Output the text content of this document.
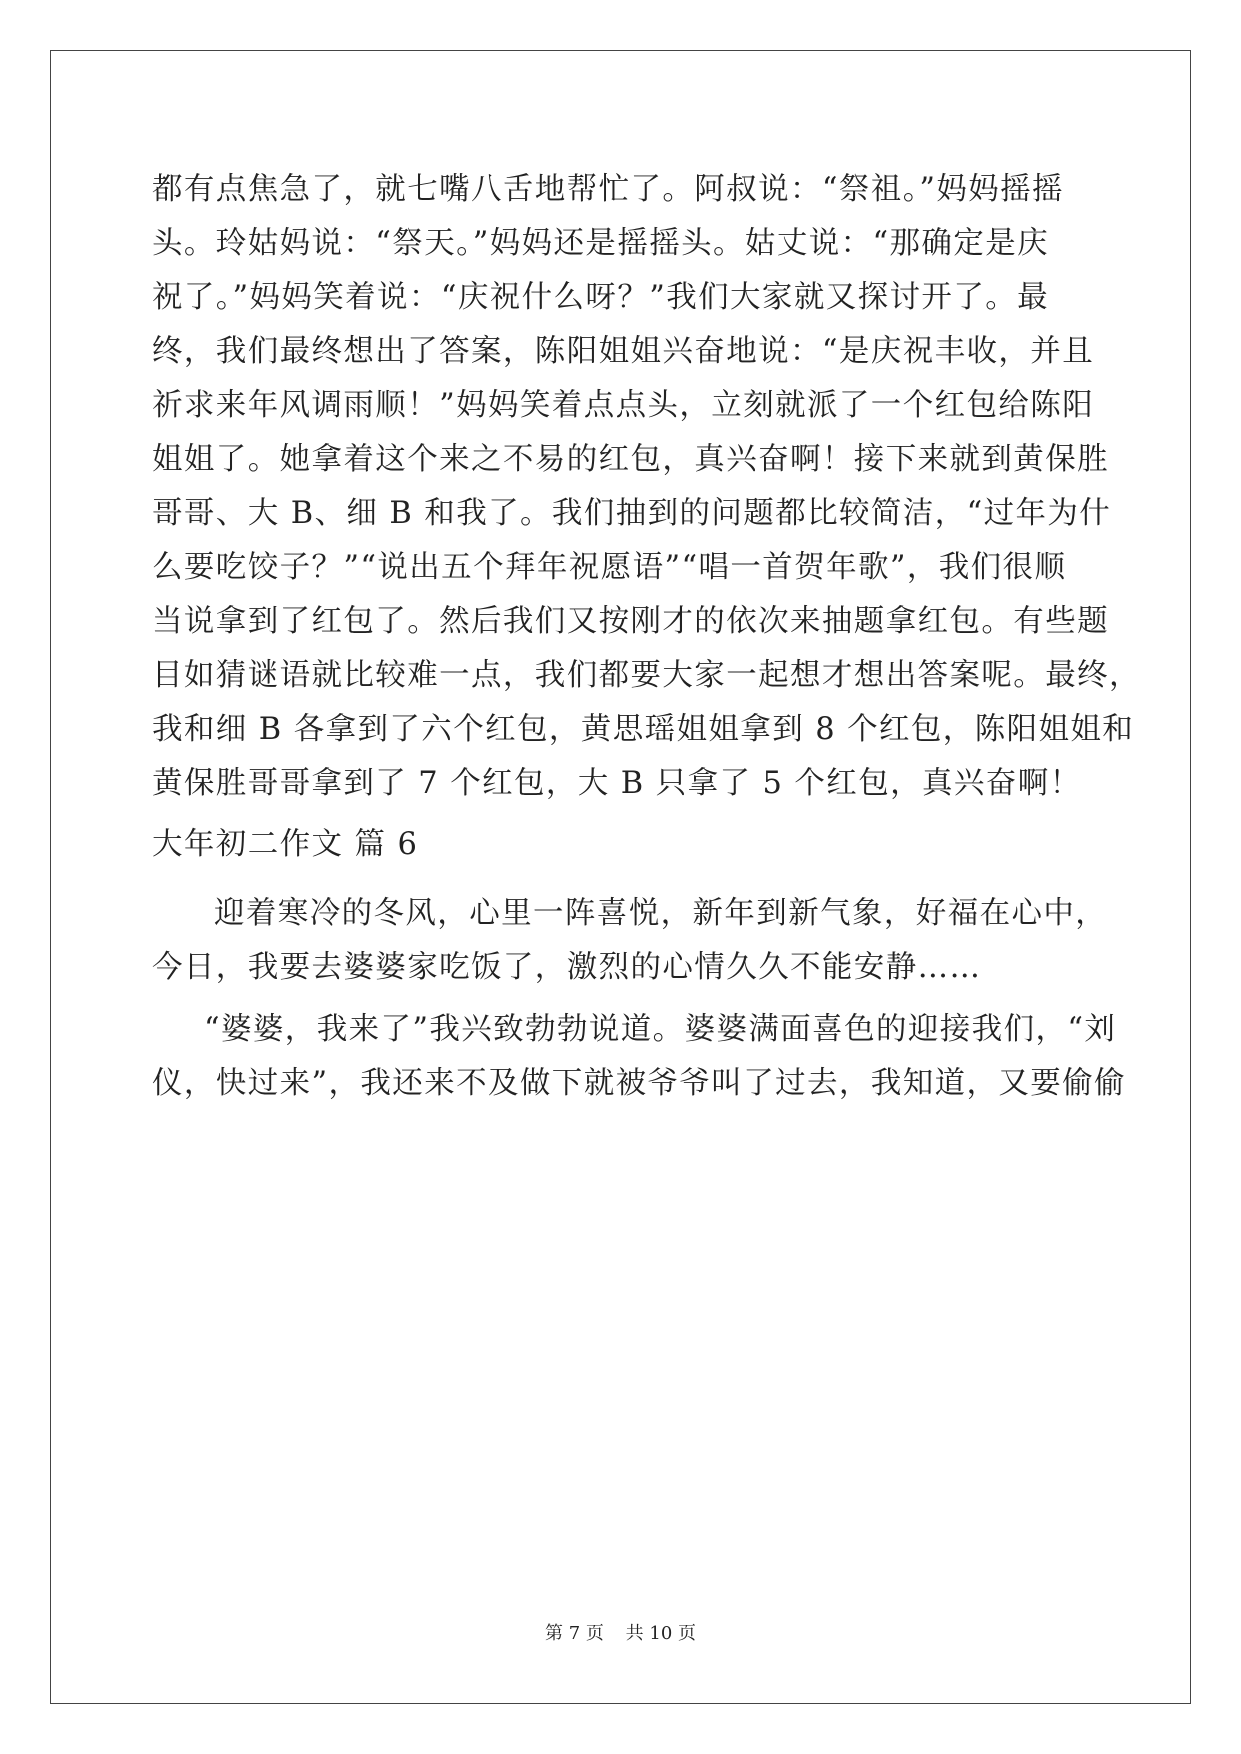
都有点焦急了，就七嘴八舌地帮忙了。阿叔说：“祭祖。”妈妈摇摇
头。玲姑妈说：“祭天。”妈妈还是摇摇头。姑丈说：“那确定是庆
祝了。”妈妈笑着说：“庆祝什么呀？”我们大家就又探讨开了。最
终，我们最终想出了答案，陈阳姐姐兴奋地说：“是庆祝丰收，并且
祈求来年风调雨顺！”妈妈笑着点点头，立刻就派了一个红包给陈阳
姐姐了。她拿着这个来之不易的红包，真兴奋啊！接下来就到黄保胜
哥哥、大 B、细 B 和我了。我们抽到的问题都比较简洁，“过年为什
么要吃饺子？”“说出五个拜年祝愿语”“唱一首贺年歌”，我们很顺
当说拿到了红包了。然后我们又按刚才的依次来抽题拿红包。有些题
目如猜谜语就比较难一点，我们都要大家一起想才想出答案呢。最终，
我和细 B 各拿到了六个红包，黄思瑶姐姐拿到 8 个红包，陈阳姐姐和
黄保胜哥哥拿到了 7 个红包，大 B 只拿了 5 个红包，真兴奋啊！
大年初二作文 篇 6
迎着寒冷的冬风，心里一阵喜悦，新年到新气象，好福在心中，
今日，我要去婆婆家吃饭了，激烈的心情久久不能安静……
“婆婆，我来了”我兴致勃勃说道。婆婆满面喜色的迎接我们，“刘
仪，快过来”，我还来不及做下就被爷爷叫了过去，我知道，又要偷偷
第 7 页 共 10 页
